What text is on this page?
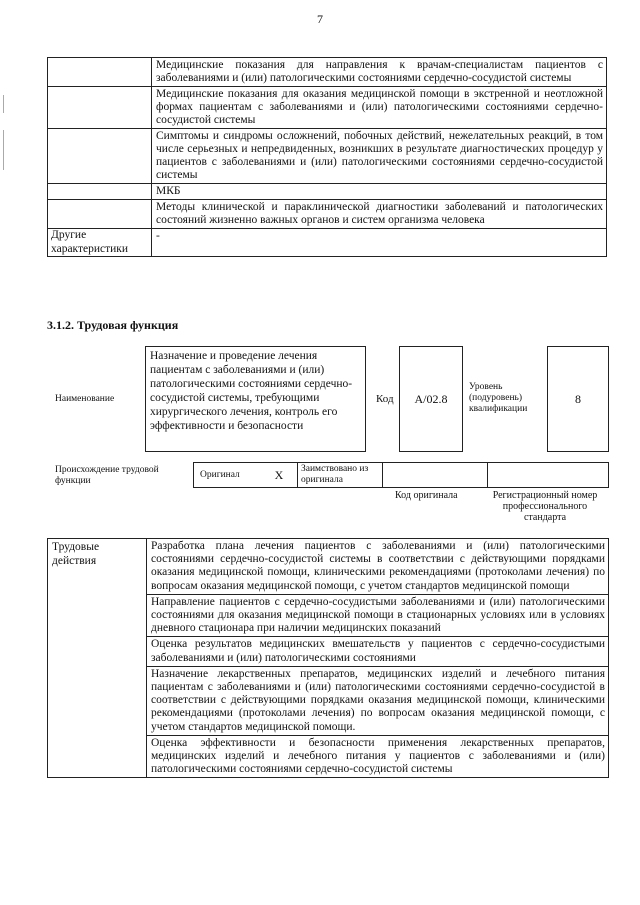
7
	Медицинские показания для направления к врачам-специалистам пациентов с заболеваниями и (или) патологическими состояниями сердечно-сосудистой системы
	Медицинские показания для оказания медицинской помощи в экстренной и неотложной формах пациентам с заболеваниями и (или) патологическими состояниями сердечно-сосудистой системы
	Симптомы и синдромы осложнений, побочных действий, нежелательных реакций, в том числе серьезных и непредвиденных, возникших в результате диагностических процедур у пациентов с заболеваниями и (или) патологическими состояниями сердечно-сосудистой системы
	МКБ
	Методы клинической и параклинической диагностики заболеваний и патологических состояний жизненно важных органов и систем организма человека
Другие характеристики	-
3.1.2. Трудовая функция
Наименование
Назначение и проведение лечения пациентам с заболеваниями и (или) патологическими состояниями сердечно-сосудистой системы, требующими хирургического лечения, контроль его эффективности и безопасности
Код	A/02.8
Уровень (подуровень) квалификации
8
Происхождение трудовой функции
Оригинал	X	Заимствовано из оригинала		
Код оригинала	Регистрационный номер профессионального стандарта
Трудовые действия	Разработка плана лечения пациентов с заболеваниями и (или) патологическими состояниями сердечно-сосудистой системы в соответствии с действующими порядками оказания медицинской помощи, клиническими рекомендациями (протоколами лечения) по вопросам оказания медицинской помощи, с учетом стандартов медицинской помощи
Направление пациентов с сердечно-сосудистыми заболеваниями и (или) патологическими состояниями для оказания медицинской помощи в стационарных условиях или в условиях дневного стационара при наличии медицинских показаний
Оценка результатов медицинских вмешательств у пациентов с сердечно-сосудистыми заболеваниями и (или) патологическими состояниями
Назначение лекарственных препаратов, медицинских изделий и лечебного питания пациентам с заболеваниями и (или) патологическими состояниями сердечно-сосудистой в соответствии с действующими порядками оказания медицинской помощи, клиническими рекомендациями (протоколами лечения) по вопросам оказания медицинской помощи, с учетом стандартов медицинской помощи.
Оценка эффективности и безопасности применения лекарственных препаратов, медицинских изделий и лечебного питания у пациентов с заболеваниями и (или) патологическими состояниями сердечно-сосудистой системы
